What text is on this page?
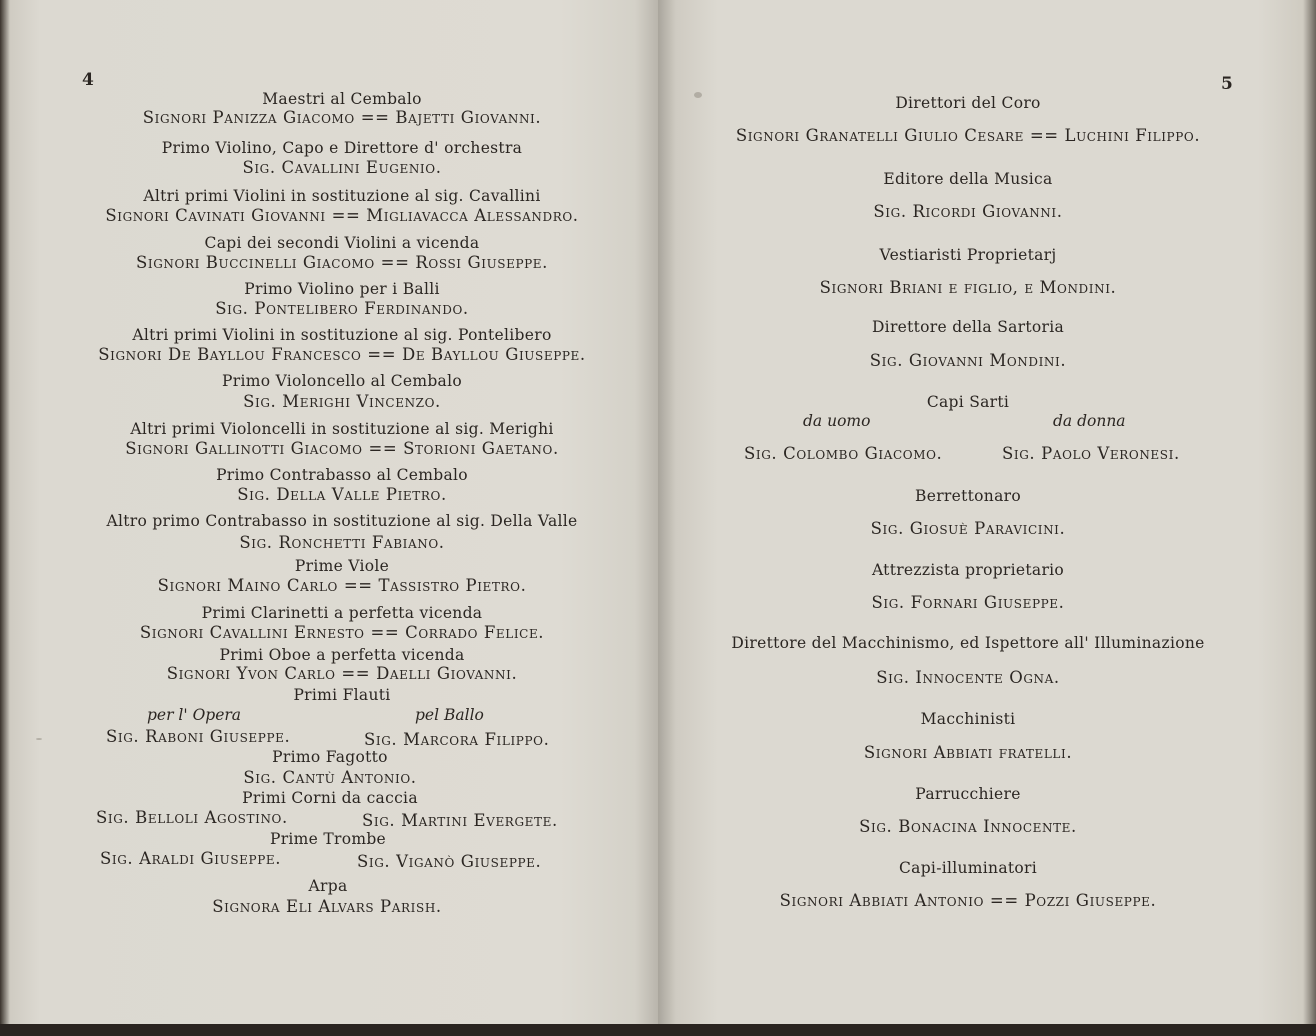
4
Maestri al Cembalo
Signori Panizza Giacomo == Bajetti Giovanni.
Primo Violino, Capo e Direttore d' orchestra
Sig. Cavallini Eugenio.
Altri primi Violini in sostituzione al sig. Cavallini
Signori Cavinati Giovanni == Migliavacca Alessandro.
Capi dei secondi Violini a vicenda
Signori Buccinelli Giacomo == Rossi Giuseppe.
Primo Violino per i Balli
Sig. Pontelibero Ferdinando.
Altri primi Violini in sostituzione al sig. Pontelibero
Signori De Bayllou Francesco == De Bayllou Giuseppe.
Primo Violoncello al Cembalo
Sig. Merighi Vincenzo.
Altri primi Violoncelli in sostituzione al sig. Merighi
Signori Gallinotti Giacomo == Storioni Gaetano.
Primo Contrabasso al Cembalo
Sig. Della Valle Pietro.
Altro primo Contrabasso in sostituzione al sig. Della Valle
Sig. Ronchetti Fabiano.
Prime Viole
Signori Maino Carlo == Tassistro Pietro.
Primi Clarinetti a perfetta vicenda
Signori Cavallini Ernesto == Corrado Felice.
Primi Oboe a perfetta vicenda
Signori Yvon Carlo == Daelli Giovanni.
Primi Flauti
per l' Opera	pel Ballo
Sig. Raboni Giuseppe.	Sig. Marcora Filippo.
Primo Fagotto
Sig. Cantù Antonio.
Primi Corni da caccia
Sig. Belloli Agostino.	Sig. Martini Evergete.
Prime Trombe
Sig. Araldi Giuseppe.	Sig. Viganò Giuseppe.
Arpa
Signora Eli Alvars Parish.
5
Direttori del Coro
Signori Granatelli Giulio Cesare == Luchini Filippo.
Editore della Musica
Sig. Ricordi Giovanni.
Vestiaristi Proprietarj
Signori Briani e figlio, e Mondini.
Direttore della Sartoria
Sig. Giovanni Mondini.
Capi Sarti
da uomo	da donna
Sig. Colombo Giacomo.	Sig. Paolo Veronesi.
Berrettonaro
Sig. Giosuè Paravicini.
Attrezzista proprietario
Sig. Fornari Giuseppe.
Direttore del Macchinismo, ed Ispettore all' Illuminazione
Sig. Innocente Ogna.
Macchinisti
Signori Abbiati fratelli.
Parrucchiere
Sig. Bonacina Innocente.
Capi-illuminatori
Signori Abbiati Antonio == Pozzi Giuseppe.
